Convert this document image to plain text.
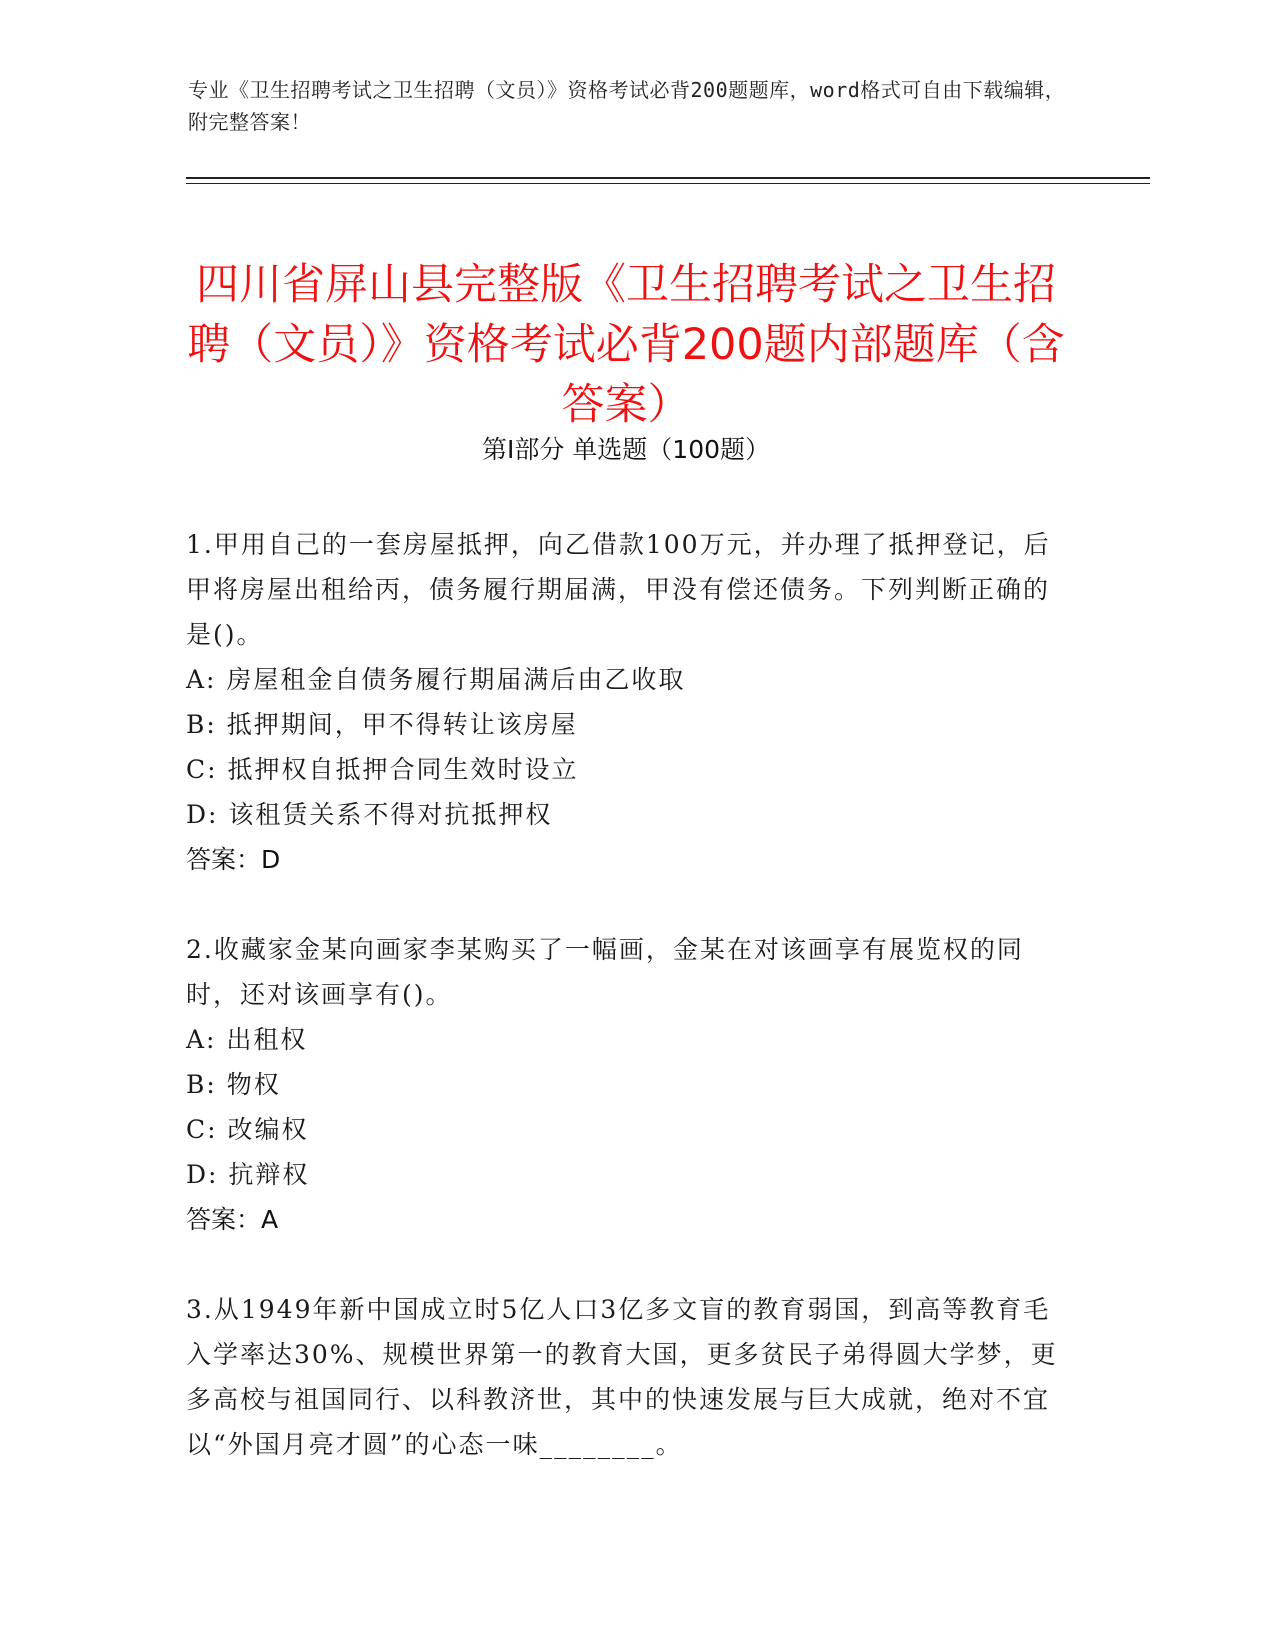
专业《卫生招聘考试之卫生招聘（文员）》资格考试必背200题题库，word格式可自由下载编辑，附完整答案！
四川省屏山县完整版《卫生招聘考试之卫生招聘（文员）》资格考试必背200题内部题库（含答案）
第Ⅰ部分 单选题（100题）
1.甲用自己的一套房屋抵押，向乙借款100万元，并办理了抵押登记，后甲将房屋出租给丙，债务履行期届满，甲没有偿还债务。下列判断正确的是()。
A: 房屋租金自债务履行期届满后由乙收取
B: 抵押期间，甲不得转让该房屋
C: 抵押权自抵押合同生效时设立
D: 该租赁关系不得对抗抵押权
答案：D
2.收藏家金某向画家李某购买了一幅画，金某在对该画享有展览权的同时，还对该画享有()。
A: 出租权
B: 物权
C: 改编权
D: 抗辩权
答案：A
3.从1949年新中国成立时5亿人口3亿多文盲的教育弱国，到高等教育毛入学率达30%、规模世界第一的教育大国，更多贫民子弟得圆大学梦，更多高校与祖国同行、以科教济世，其中的快速发展与巨大成就，绝对不宜以“外国月亮才圆”的心态一味________。
